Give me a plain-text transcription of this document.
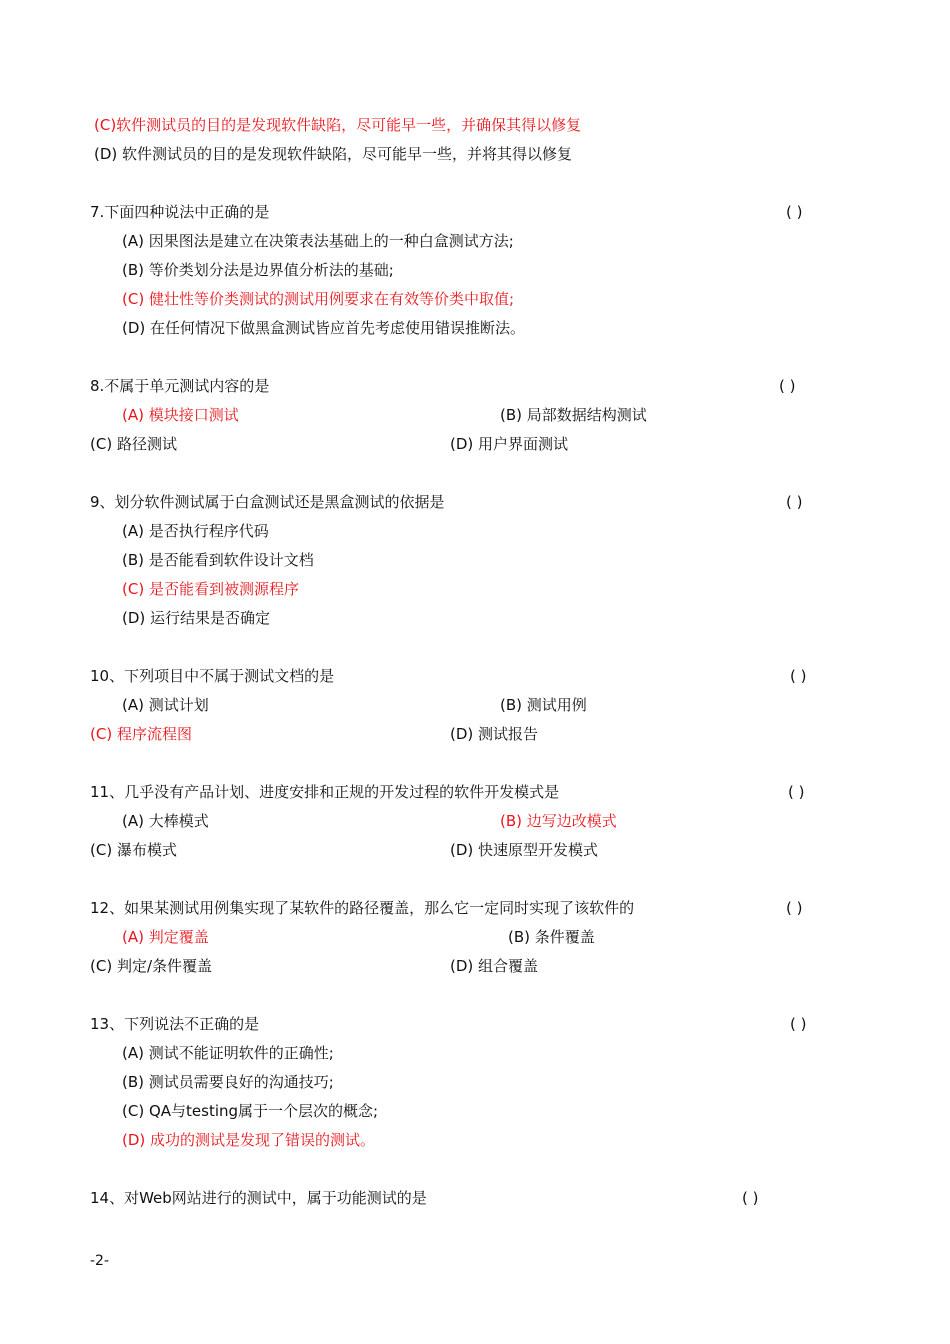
(C)软件测试员的目的是发现软件缺陷，尽可能早一些，并确保其得以修复
(D) 软件测试员的目的是发现软件缺陷，尽可能早一些，并将其得以修复
7.下面四种说法中正确的是	( )
(A) 因果图法是建立在决策表法基础上的一种白盒测试方法;
(B) 等价类划分法是边界值分析法的基础;
(C) 健壮性等价类测试的测试用例要求在有效等价类中取值;
(D) 在任何情况下做黑盒测试皆应首先考虑使用错误推断法。
8.不属于单元测试内容的是	( )
(A) 模块接口测试	(B) 局部数据结构测试
(C) 路径测试	(D) 用户界面测试
9、划分软件测试属于白盒测试还是黑盒测试的依据是	( )
(A) 是否执行程序代码
(B) 是否能看到软件设计文档
(C) 是否能看到被测源程序
(D) 运行结果是否确定
10、下列项目中不属于测试文档的是	( )
(A) 测试计划	(B) 测试用例
(C) 程序流程图	(D) 测试报告
11、几乎没有产品计划、进度安排和正规的开发过程的软件开发模式是	( )
(A) 大棒模式	(B) 边写边改模式
(C) 瀑布模式	(D) 快速原型开发模式
12、如果某测试用例集实现了某软件的路径覆盖，那么它一定同时实现了该软件的	( )
(A) 判定覆盖	(B) 条件覆盖
(C) 判定/条件覆盖	(D) 组合覆盖
13、下列说法不正确的是	( )
(A) 测试不能证明软件的正确性;
(B) 测试员需要良好的沟通技巧;
(C) QA与testing属于一个层次的概念;
(D) 成功的测试是发现了错误的测试。
14、对Web网站进行的测试中，属于功能测试的是	( )
-2-
